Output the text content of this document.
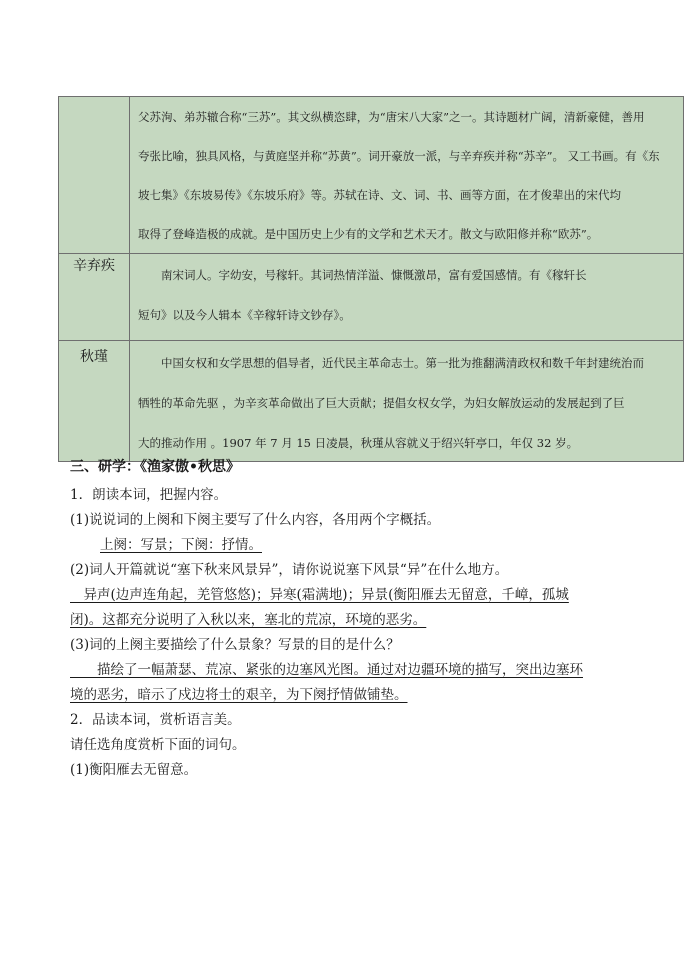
	父苏洵、弟苏辙合称“三苏”。其文纵横恣肆，为“唐宋八大家”之一。其诗题材广阔，清新豪健，善用

夸张比喻，独具风格，与黄庭坚并称“苏黄”。词开豪放一派，与辛弃疾并称“苏辛”。 又工书画。有《东

坡七集》《东坡易传》《东坡乐府》等。苏轼在诗、文、词、书、画等方面，在才俊辈出的宋代均

取得了登峰造极的成就。是中国历史上少有的文学和艺术天才。散文与欧阳修并称“欧苏”。

辛弃疾	南宋词人。字幼安，号稼轩。其词热情洋溢、慷慨激昂，富有爱国感情。有《稼轩长

短句》以及今人辑本《辛稼轩诗文钞存》。

秋瑾	中国女权和女学思想的倡导者，近代民主革命志士。第一批为推翻满清政权和数千年封建统治而

牺牲的革命先驱 ，为辛亥革命做出了巨大贡献；提倡女权女学，为妇女解放运动的发展起到了巨

大的推动作用 。1907 年 7 月 15 日凌晨，秋瑾从容就义于绍兴轩亭口，年仅 32 岁。

三、研学：《渔家傲•秋思》

1．朗读本词，把握内容。

(1)说说词的上阕和下阕主要写了什么内容，各用两个字概括。

上阕：写景；下阕：抒情。

(2)词人开篇就说“塞下秋来风景异”，请你说说塞下风景“异”在什么地方。

　异声(边声连角起，羌管悠悠)；异寒(霜满地)；异景(衡阳雁去无留意，千嶂，孤城

闭)。这都充分说明了入秋以来，塞北的荒凉，环境的恶劣。

(3)词的上阕主要描绘了什么景象？写景的目的是什么？

　　描绘了一幅萧瑟、荒凉、紧张的边塞风光图。通过对边疆环境的描写，突出边塞环

境的恶劣，暗示了戍边将士的艰辛，为下阕抒情做铺垫。

2．品读本词，赏析语言美。

请任选角度赏析下面的词句。

(1)衡阳雁去无留意。
